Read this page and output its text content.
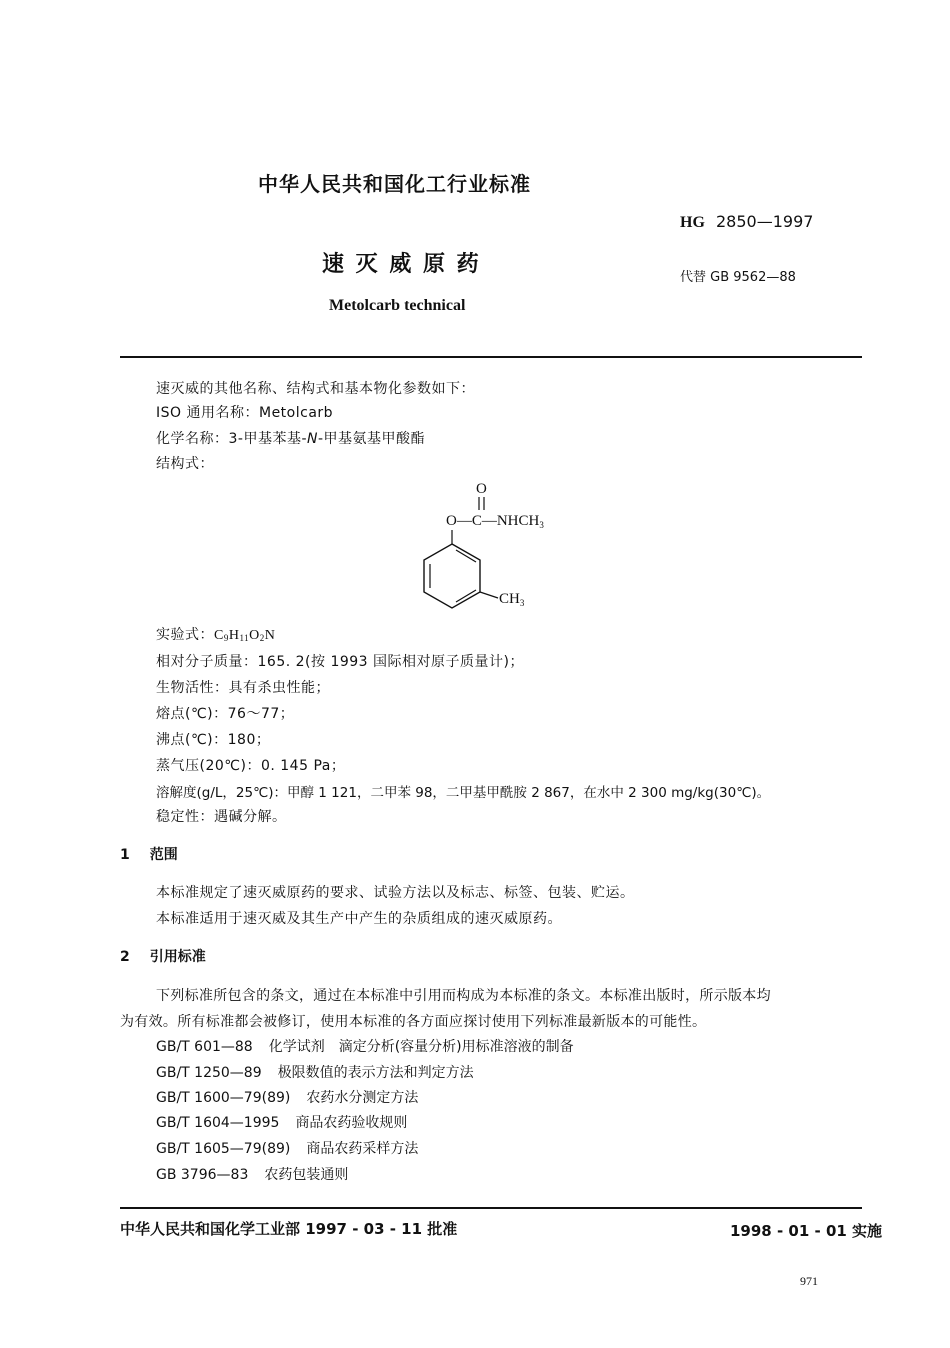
中华人民共和国化工行业标准
HG 2850—1997
速 灭 威 原 药
代替 GB 9562—88
Metolcarb technical
速灭威的其他名称、结构式和基本物化参数如下：
ISO 通用名称：Metolcarb
化学名称：3-甲基苯基-N-甲基氨基甲酸酯
结构式：
O
$O—C—NHCH_3$
$CH_3$
实验式：$C_9H_{11}O_2N$
相对分子质量：165. 2(按 1993 国际相对原子质量计)；
生物活性：具有杀虫性能；
熔点(℃)：76～77；
沸点(℃)：180；
蒸气压(20℃)：0. 145 Pa；
溶解度(g/L，25℃)：甲醇 1 121，二甲苯 98，二甲基甲酰胺 2 867，在水中 2 300 mg/kg(30℃)。
稳定性：遇碱分解。
1 范围
本标准规定了速灭威原药的要求、试验方法以及标志、标签、包装、贮运。
本标准适用于速灭威及其生产中产生的杂质组成的速灭威原药。
2 引用标准
下列标准所包含的条文，通过在本标准中引用而构成为本标准的条文。本标准出版时，所示版本均
为有效。所有标准都会被修订，使用本标准的各方面应探讨使用下列标准最新版本的可能性。
GB/T 601—88 化学试剂　滴定分析(容量分析)用标准溶液的制备
GB/T 1250—89 极限数值的表示方法和判定方法
GB/T 1600—79(89) 农药水分测定方法
GB/T 1604—1995 商品农药验收规则
GB/T 1605—79(89) 商品农药采样方法
GB 3796—83 农药包装通则
中华人民共和国化学工业部 1997 - 03 - 11 批准	1998 - 01 - 01 实施
971
